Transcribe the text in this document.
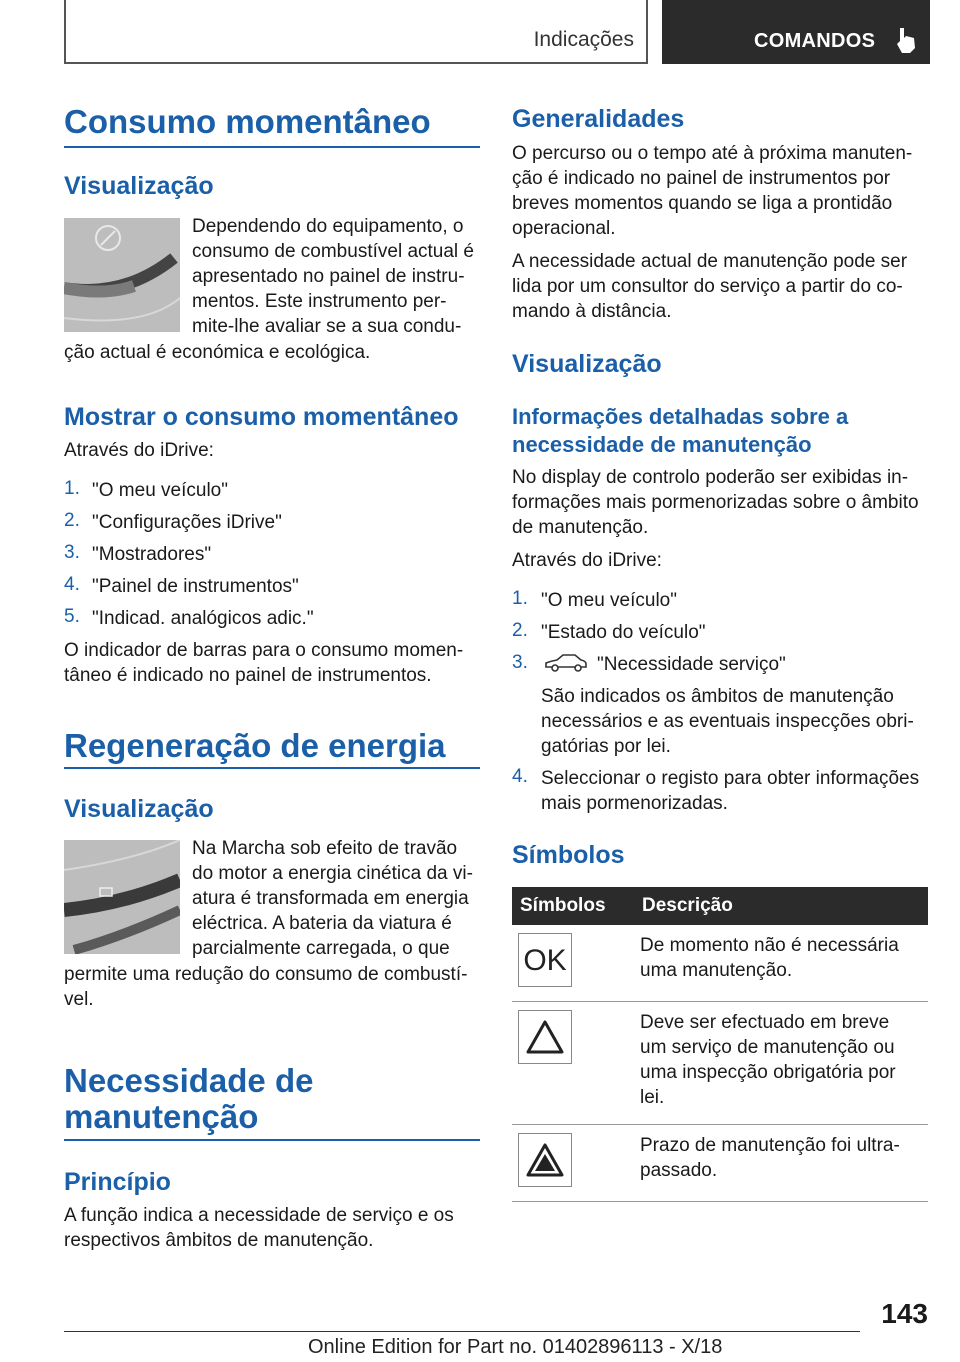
Indicações	COMANDOS
Consumo momentâneo
Visualização
Dependendo do equipamento, o
consumo de combustível actual é
apresentado no painel de instru-
mentos. Este instrumento per-
mite-lhe avaliar se a sua condu-
ção actual é económica e ecológica.
Mostrar o consumo momentâneo
Através do iDrive:
1. "O meu veículo"
2. "Configurações iDrive"
3. "Mostradores"
4. "Painel de instrumentos"
5. "Indicad. analógicos adic."
O indicador de barras para o consumo momen-
tâneo é indicado no painel de instrumentos.
Regeneração de energia
Visualização
Na Marcha sob efeito de travão
do motor a energia cinética da vi-
atura é transformada em energia
eléctrica. A bateria da viatura é
parcialmente carregada, o que
permite uma redução do consumo de combustí-
vel.
Necessidade de
manutenção
Princípio
A função indica a necessidade de serviço e os
respectivos âmbitos de manutenção.
Generalidades
O percurso ou o tempo até à próxima manuten-
ção é indicado no painel de instrumentos por
breves momentos quando se liga a prontidão
operacional.
A necessidade actual de manutenção pode ser
lida por um consultor do serviço a partir do co-
mando à distância.
Visualização
Informações detalhadas sobre a
necessidade de manutenção
No display de controlo poderão ser exibidas in-
formações mais pormenorizadas sobre o âmbito
de manutenção.
Através do iDrive:
1. "O meu veículo"
2. "Estado do veículo"
3.	"Necessidade serviço"
São indicados os âmbitos de manutenção
necessários e as eventuais inspecções obri-
gatórias por lei.
4. Seleccionar o registo para obter informações
mais pormenorizadas.
Símbolos
Símbolos	Descrição

OK	De momento não é necessária
uma manutenção.

	Deve ser efectuado em breve
um serviço de manutenção ou
uma inspecção obrigatória por
lei.

	Prazo de manutenção foi ultra-
passado.
143
Online Edition for Part no. 01402896113 - X/18
